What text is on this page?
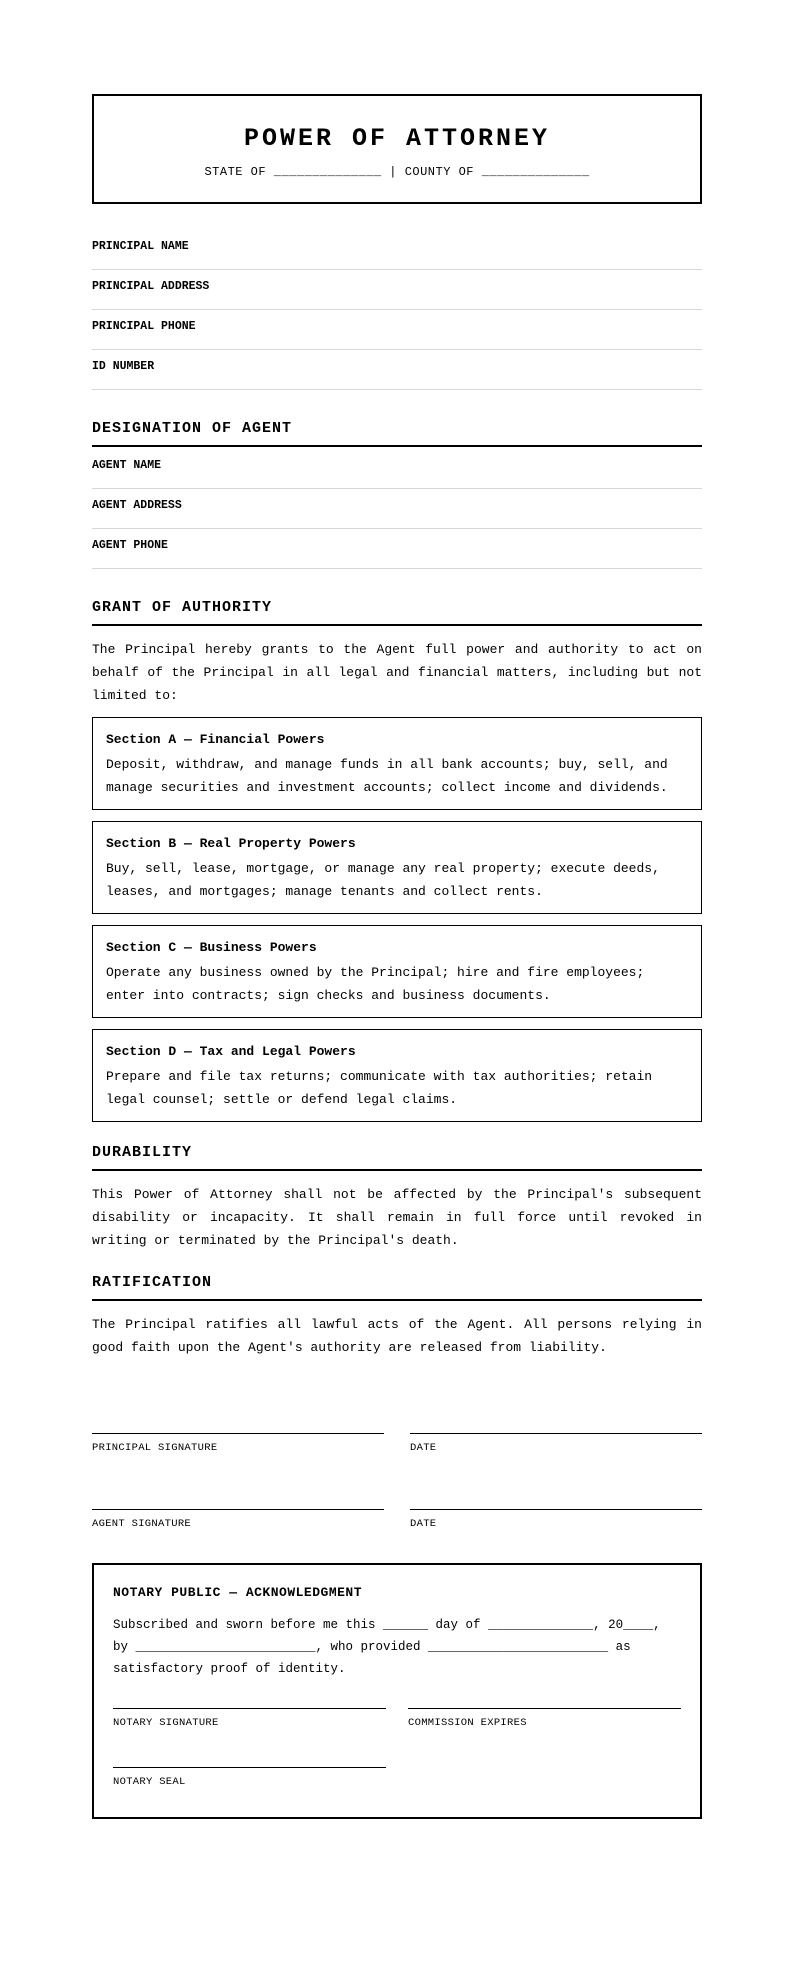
POWER OF ATTORNEY
STATE OF ______________ | COUNTY OF ______________
PRINCIPAL NAME
PRINCIPAL ADDRESS
PRINCIPAL PHONE
ID NUMBER
DESIGNATION OF AGENT
AGENT NAME
AGENT ADDRESS
AGENT PHONE
GRANT OF AUTHORITY
The Principal hereby grants to the Agent full power and authority to act on behalf of the Principal in all legal and financial matters, including but not limited to:
Section A — Financial Powers
Deposit, withdraw, and manage funds in all bank accounts; buy, sell, and manage securities and investment accounts; collect income and dividends.
Section B — Real Property Powers
Buy, sell, lease, mortgage, or manage any real property; execute deeds, leases, and mortgages; manage tenants and collect rents.
Section C — Business Powers
Operate any business owned by the Principal; hire and fire employees; enter into contracts; sign checks and business documents.
Section D — Tax and Legal Powers
Prepare and file tax returns; communicate with tax authorities; retain legal counsel; settle or defend legal claims.
DURABILITY
This Power of Attorney shall not be affected by the Principal's subsequent disability or incapacity. It shall remain in full force until revoked in writing or terminated by the Principal's death.
RATIFICATION
The Principal ratifies all lawful acts of the Agent. All persons relying in good faith upon the Agent's authority are released from liability.
PRINCIPAL SIGNATURE	DATE
AGENT SIGNATURE	DATE
NOTARY PUBLIC — ACKNOWLEDGMENT
Subscribed and sworn before me this ______ day of ______________, 20____, by ________________________, who provided ________________________ as satisfactory proof of identity.
NOTARY SIGNATURE	COMMISSION EXPIRES
NOTARY SEAL
